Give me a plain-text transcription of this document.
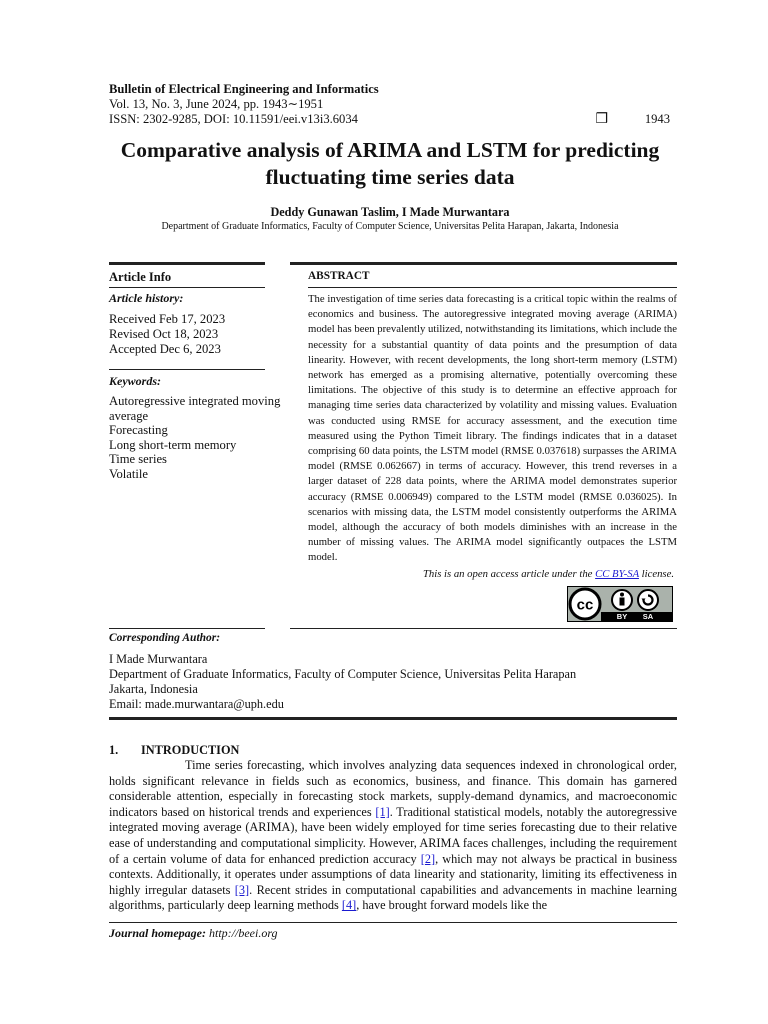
Bulletin of Electrical Engineering and Informatics
Vol. 13, No. 3, June 2024, pp. 1943∼1951
ISSN: 2302-9285, DOI: 10.11591/eei.v13i3.6034	❒	1943
Comparative analysis of ARIMA and LSTM for predicting
fluctuating time series data
Deddy Gunawan Taslim, I Made Murwantara
Department of Graduate Informatics, Faculty of Computer Science, Universitas Pelita Harapan, Jakarta, Indonesia
Article Info
Article history:
Received Feb 17, 2023
Revised Oct 18, 2023
Accepted Dec 6, 2023
Keywords:
Autoregressive integrated moving average
Forecasting
Long short-term memory
Time series
Volatile
ABSTRACT
The investigation of time series data forecasting is a critical topic within the realms of economics and business. The autoregressive integrated moving average (ARIMA) model has been prevalently utilized, notwithstanding its limitations, which include the necessity for a substantial quantity of data points and the presumption of data linearity. However, with recent developments, the long short-term memory (LSTM) network has emerged as a promising alternative, potentially overcoming these limitations. The objective of this study is to determine an effective approach for managing time series data characterized by volatility and missing values. Evaluation was conducted using RMSE for accuracy assessment, and the execution time measured using the Python Timeit library. The findings indicates that in a dataset comprising 60 data points, the LSTM model (RMSE 0.037618) surpasses the ARIMA model (RMSE 0.062667) in terms of accuracy. However, this trend reverses in a larger dataset of 228 data points, where the ARIMA model demonstrates superior accuracy (RMSE 0.006949) compared to the LSTM model (RMSE 0.036025). In scenarios with missing data, the LSTM model consistently outperforms the ARIMA model, although the accuracy of both models diminishes with an increase in the number of missing values. The ARIMA model significantly outpaces the LSTM model.
This is an open access article under the CC BY-SA license.
cc
BY SA
Corresponding Author:
I Made Murwantara
Department of Graduate Informatics, Faculty of Computer Science, Universitas Pelita Harapan
Jakarta, Indonesia
Email: made.murwantara@uph.edu
1. INTRODUCTION
Time series forecasting, which involves analyzing data sequences indexed in chronological order, holds significant relevance in fields such as economics, business, and finance. This domain has garnered considerable attention, especially in forecasting stock markets, supply-demand dynamics, and macroeconomic indicators based on historical trends and experiences [1]. Traditional statistical models, notably the autoregressive integrated moving average (ARIMA), have been widely employed for time series forecasting due to their relative ease of understanding and computational simplicity. However, ARIMA faces challenges, including the requirement of a certain volume of data for enhanced prediction accuracy [2], which may not always be practical in business contexts. Additionally, it operates under assumptions of data linearity and stationarity, limiting its effectiveness in highly irregular datasets [3]. Recent strides in computational capabilities and advancements in machine learning algorithms, particularly deep learning methods [4], have brought forward models like the
Journal homepage: http://beei.org
